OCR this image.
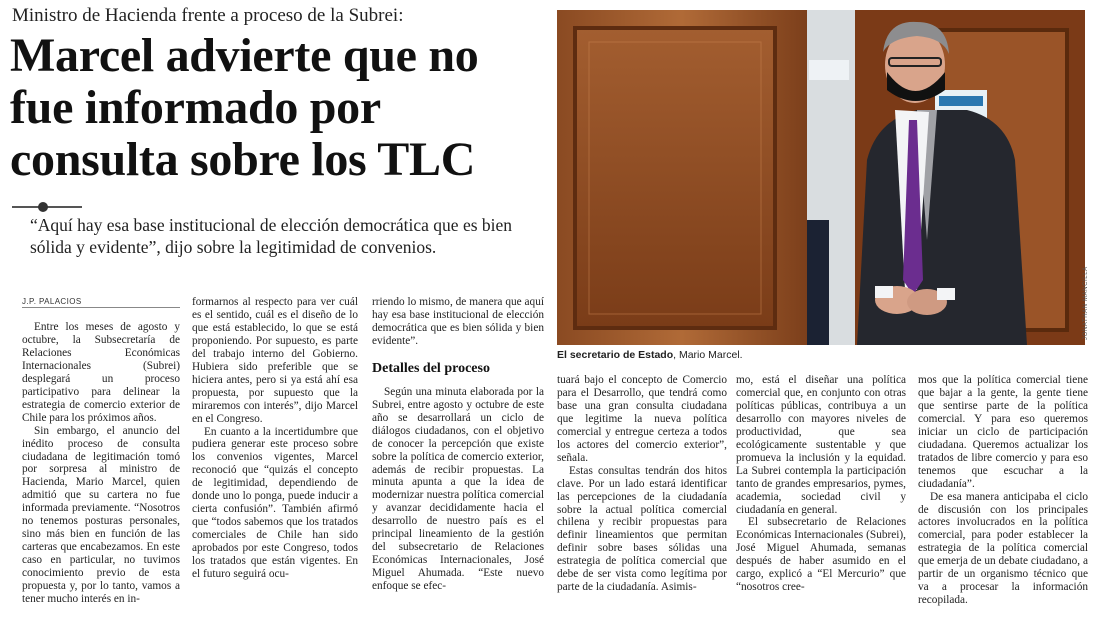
Ministro de Hacienda frente a proceso de la Subrei:
Marcel advierte que no fue informado por consulta sobre los TLC
“Aquí hay esa base institucional de elección democrática que es bien sólida y evidente”, dijo sobre la legitimidad de convenios.
J.P. PALACIOS

Entre los meses de agosto y octubre, la Subsecretaría de Relaciones Económicas Internacionales (Subrei) desplegará un proceso participativo para delinear la estrategia de comercio exterior de Chile para los próximos años.

Sin embargo, el anuncio del inédito proceso de consulta ciudadana de legitimación tomó por sorpresa al ministro de Hacienda, Mario Marcel, quien admitió que su cartera no fue informada previamente. “Nosotros no tenemos posturas personales, sino más bien en función de las carteras que encabezamos. En este caso en particular, no tuvimos conocimiento previo de esta propuesta y, por lo tanto, vamos a tener mucho interés en in-

formarnos al respecto para ver cuál es el sentido, cuál es el diseño de lo que está establecido, lo que se está proponiendo. Por supuesto, es parte del trabajo interno del Gobierno. Hubiera sido preferible que se hiciera antes, pero si ya está ahí esa propuesta, por supuesto que la miraremos con interés”, dijo Marcel en el Congreso.

En cuanto a la incertidumbre que pudiera generar este proceso sobre los convenios vigentes, Marcel reconoció que “quizás el concepto de legitimidad, dependiendo de donde uno lo ponga, puede inducir a cierta confusión”. También afirmó que “todos sabemos que los tratados comerciales de Chile han sido aprobados por este Congreso, todos los tratados que están vigentes. En el futuro seguirá ocu-

rriendo lo mismo, de manera que aquí hay esa base institucional de elección democrática que es bien sólida y bien evidente”.

Detalles del proceso

Según una minuta elaborada por la Subrei, entre agosto y octubre de este año se desarrollará un ciclo de diálogos ciudadanos, con el objetivo de conocer la percepción que existe sobre la política de comercio exterior, además de recibir propuestas. La minuta apunta a que la idea de modernizar nuestra política comercial y avanzar decididamente hacia el desarrollo de nuestro país es el principal lineamiento de la gestión del subsecretario de Relaciones Económicas Internacionales, José Miguel Ahumada. “Este nuevo enfoque se efec-

tuará bajo el concepto de Comercio para el Desarrollo, que tendrá como base una gran consulta ciudadana que legitime la nueva política comercial y entregue certeza a todos los actores del comercio exterior”, señala.

Estas consultas tendrán dos hitos clave. Por un lado estará identificar las percepciones de la ciudadanía sobre la actual política comercial chilena y recibir propuestas para definir lineamientos que permitan definir sobre bases sólidas una estrategia de política comercial que debe de ser vista como legítima por parte de la ciudadanía. Asimis-

mo, está el diseñar una política comercial que, en conjunto con otras políticas públicas, contribuya a un desarrollo con mayores niveles de productividad, que sea ecológicamente sustentable y que promueva la inclusión y la equidad. La Subrei contempla la participación tanto de grandes empresarios, pymes, academia, sociedad civil y ciudadanía en general.

El subsecretario de Relaciones Económicas Internacionales (Subrei), José Miguel Ahumada, semanas después de haber asumido en el cargo, explicó a “El Mercurio” que “nosotros cree-

mos que la política comercial tiene que bajar a la gente, la gente tiene que sentirse parte de la política comercial. Y para eso queremos iniciar un ciclo de participación ciudadana. Queremos actualizar los tratados de libre comercio y para eso tenemos que escuchar a la ciudadanía”.

De esa manera anticipaba el ciclo de discusión con los principales actores involucrados en la política comercial, para poder establecer la estrategia de la política comercial que emerja de un debate ciudadano, a partir de un organismo técnico que va a procesar la información recopilada.

JONATHAN MANCILLA
El secretario de Estado, Mario Marcel.
